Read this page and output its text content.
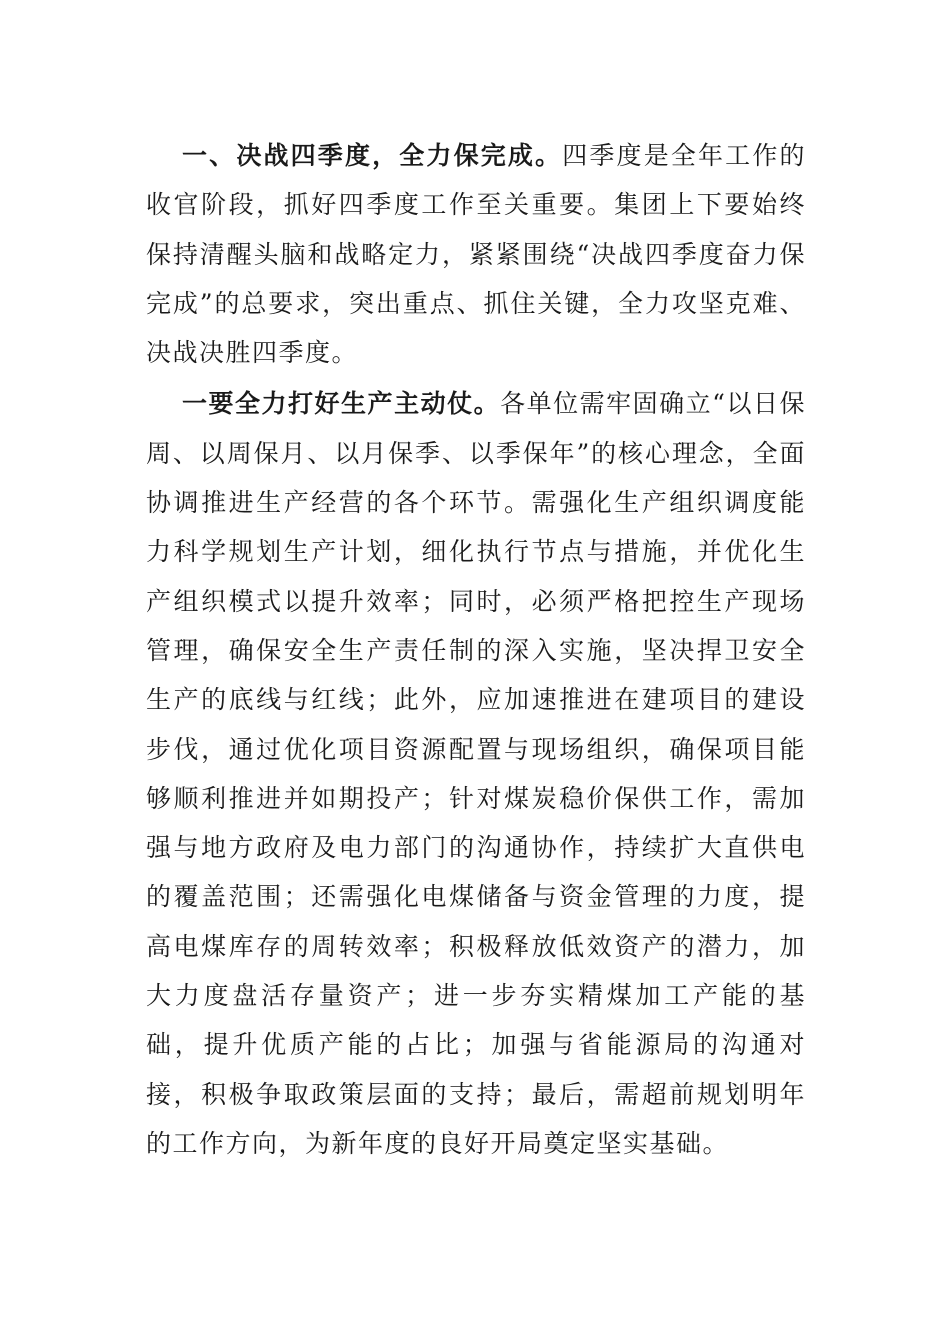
一、决战四季度，全力保完成。四季度是全年工作的收官阶段，抓好四季度工作至关重要。集团上下要始终保持清醒头脑和战略定力，紧紧围绕“决战四季度奋力保完成”的总要求，突出重点、抓住关键，全力攻坚克难、决战决胜四季度。

一要全力打好生产主动仗。各单位需牢固确立“以日保周、以周保月、以月保季、以季保年”的核心理念，全面协调推进生产经营的各个环节。需强化生产组织调度能力科学规划生产计划，细化执行节点与措施，并优化生产组织模式以提升效率；同时，必须严格把控生产现场管理，确保安全生产责任制的深入实施，坚决捍卫安全生产的底线与红线；此外，应加速推进在建项目的建设步伐，通过优化项目资源配置与现场组织，确保项目能够顺利推进并如期投产；针对煤炭稳价保供工作，需加强与地方政府及电力部门的沟通协作，持续扩大直供电的覆盖范围；还需强化电煤储备与资金管理的力度，提高电煤库存的周转效率；积极释放低效资产的潜力，加大力度盘活存量资产；进一步夯实精煤加工产能的基础，提升优质产能的占比；加强与省能源局的沟通对接，积极争取政策层面的支持；最后，需超前规划明年的工作方向，为新年度的良好开局奠定坚实基础。
